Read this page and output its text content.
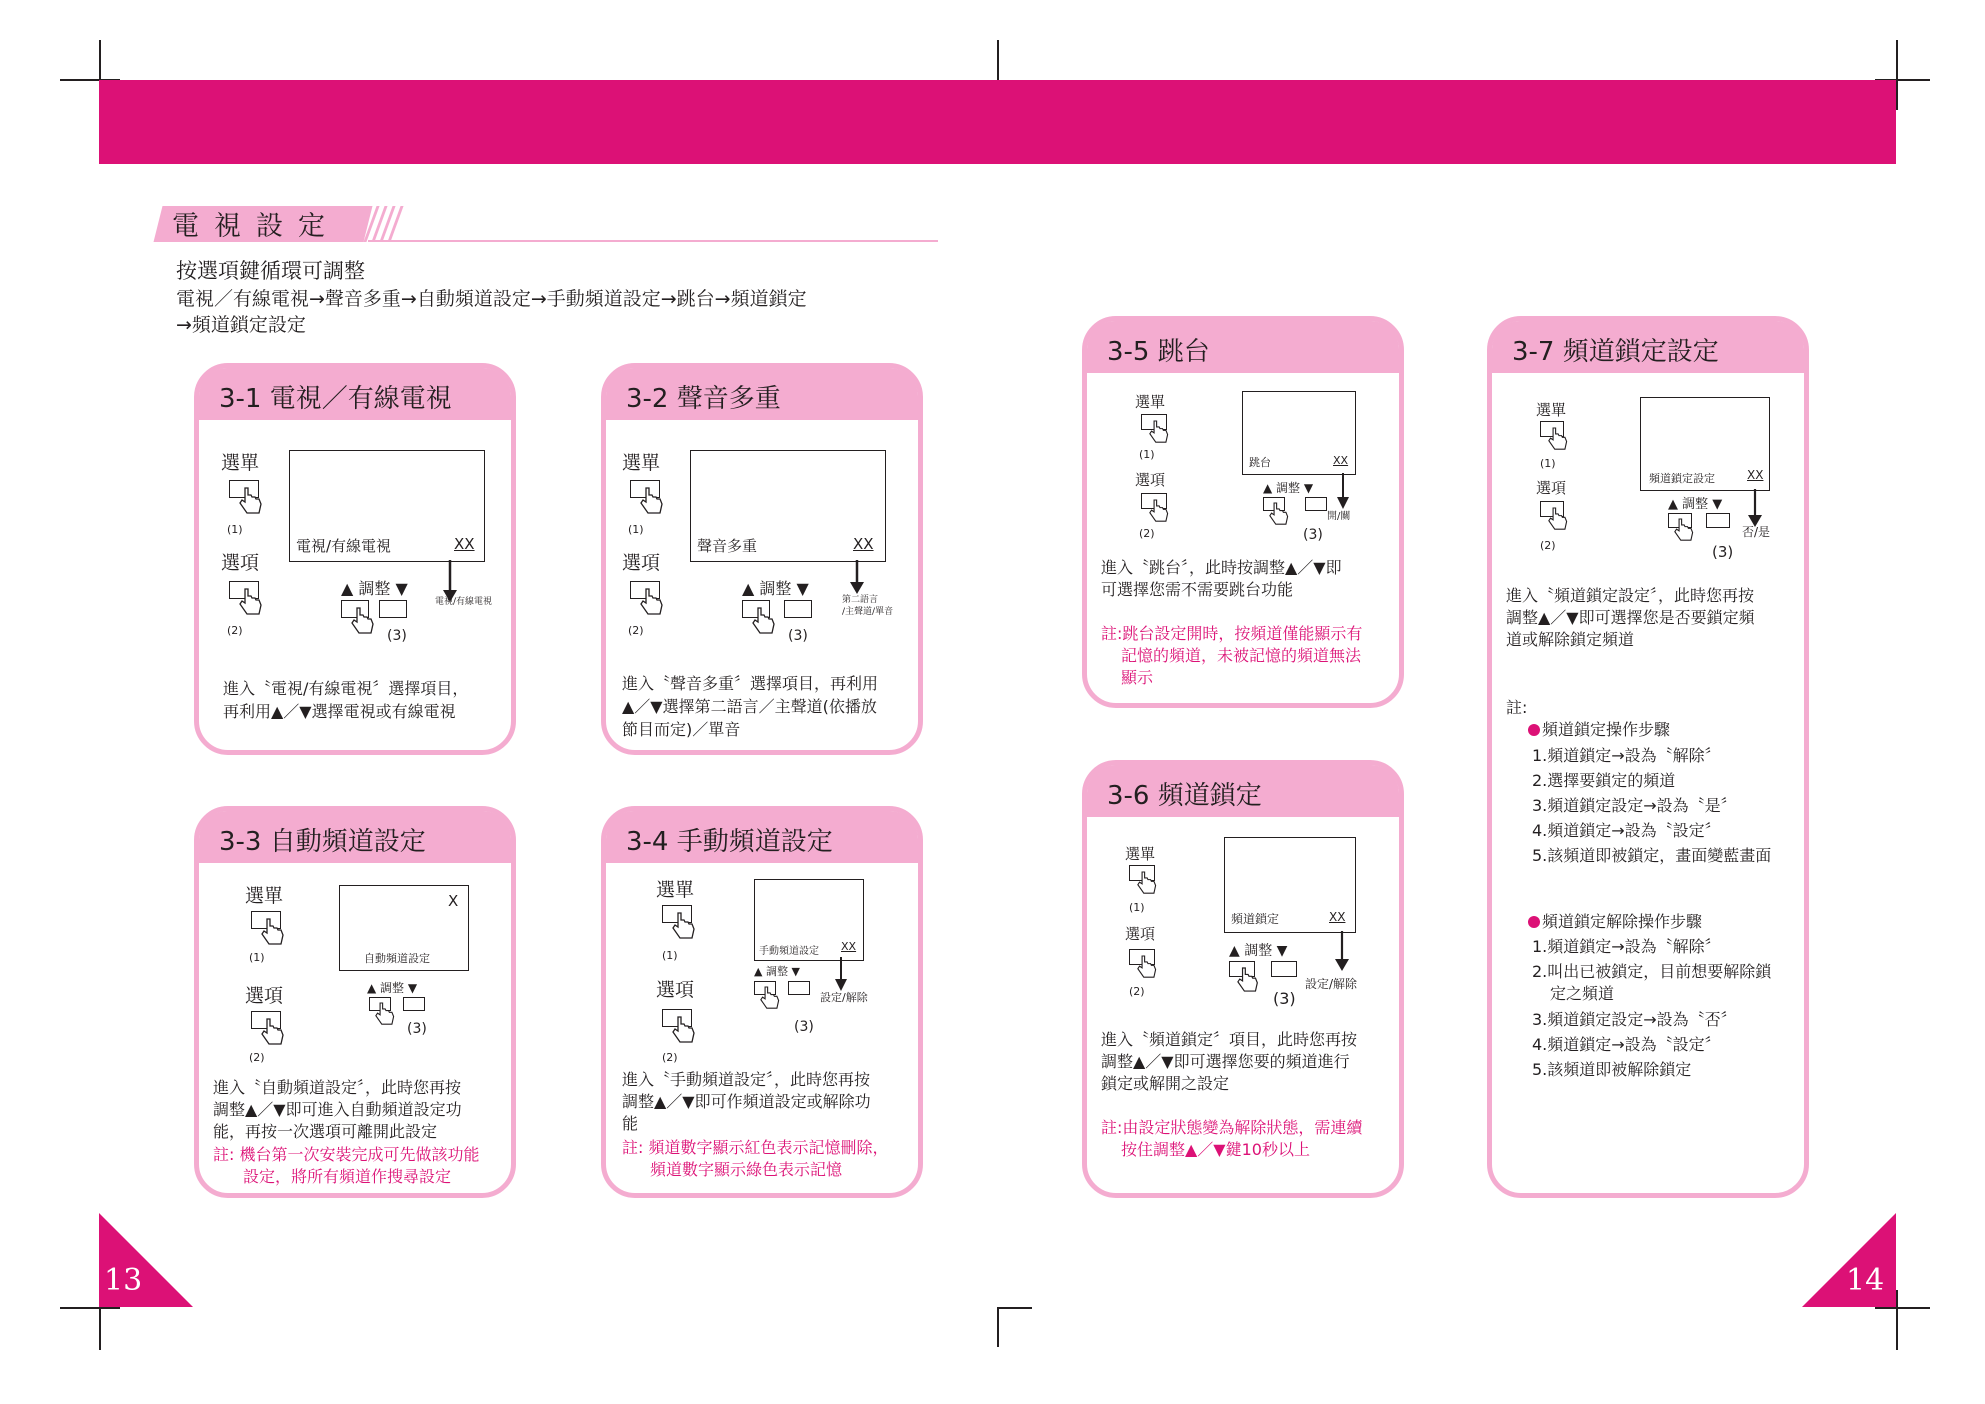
電視設定
按選項鍵循環可調整
電視／有線電視→聲音多重→自動頻道設定→手動頻道設定→跳台→頻道鎖定
→頻道鎖定設定
3-1 電視／有線電視
選單
(1)
選項
(2)
電視/有線電視	XX
▲ 調整 ▼
(3)
電視/有線電視
進入〝電視/有線電視〞選擇項目，
再利用▲／▼選擇電視或有線電視
3-2 聲音多重
選單
(1)
選項
(2)
聲音多重	XX
▲ 調整 ▼
(3)
第二語言
/主聲道/單音
進入〝聲音多重〞選擇項目，再利用
▲／▼選擇第二語言／主聲道(依播放
節目而定)／單音
3-3 自動頻道設定
選單
(1)
選項
(2)
X
自動頻道設定
▲ 調整 ▼
(3)
進入〝自動頻道設定〞，此時您再按
調整▲／▼即可進入自動頻道設定功
能，再按一次選項可離開此設定
註: 機台第一次安裝完成可先做該功能
設定，將所有頻道作搜尋設定
3-4 手動頻道設定
選單
(1)
選項
(2)
手動頻道設定 XX
▲ 調整 ▼
設定/解除
(3)
進入〝手動頻道設定〞，此時您再按
調整▲／▼即可作頻道設定或解除功
能
註: 頻道數字顯示紅色表示記憶刪除，
頻道數字顯示綠色表示記憶
3-5 跳台
選單
(1)
選項
(2)
跳台	XX
▲ 調整 ▼
開/關
(3)
進入〝跳台〞，此時按調整▲／▼即
可選擇您需不需要跳台功能
註:跳台設定開時，按頻道僅能顯示有
記憶的頻道，未被記憶的頻道無法
顯示
3-6 頻道鎖定
選單
(1)
選項
(2)
頻道鎖定	XX
▲ 調整 ▼
設定/解除
(3)
進入〝頻道鎖定〞項目，此時您再按
調整▲／▼即可選擇您要的頻道進行
鎖定或解開之設定
註:由設定狀態變為解除狀態，需連續
按住調整▲／▼鍵10秒以上
3-7 頻道鎖定設定
選單
(1)
選項
(2)
頻道鎖定設定	XX
▲ 調整 ▼
否/是
(3)
進入〝頻道鎖定設定〞，此時您再按
調整▲／▼即可選擇您是否要鎖定頻
道或解除鎖定頻道
註:
頻道鎖定操作步驟
1.頻道鎖定→設為〝解除〞
2.選擇要鎖定的頻道
3.頻道鎖定設定→設為〝是〞
4.頻道鎖定→設為〝設定〞
5.該頻道即被鎖定，畫面變藍畫面
頻道鎖定解除操作步驟
1.頻道鎖定→設為〝解除〞
2.叫出已被鎖定，目前想要解除鎖
定之頻道
3.頻道鎖定設定→設為〝否〞
4.頻道鎖定→設為〝設定〞
5.該頻道即被解除鎖定
13	14
